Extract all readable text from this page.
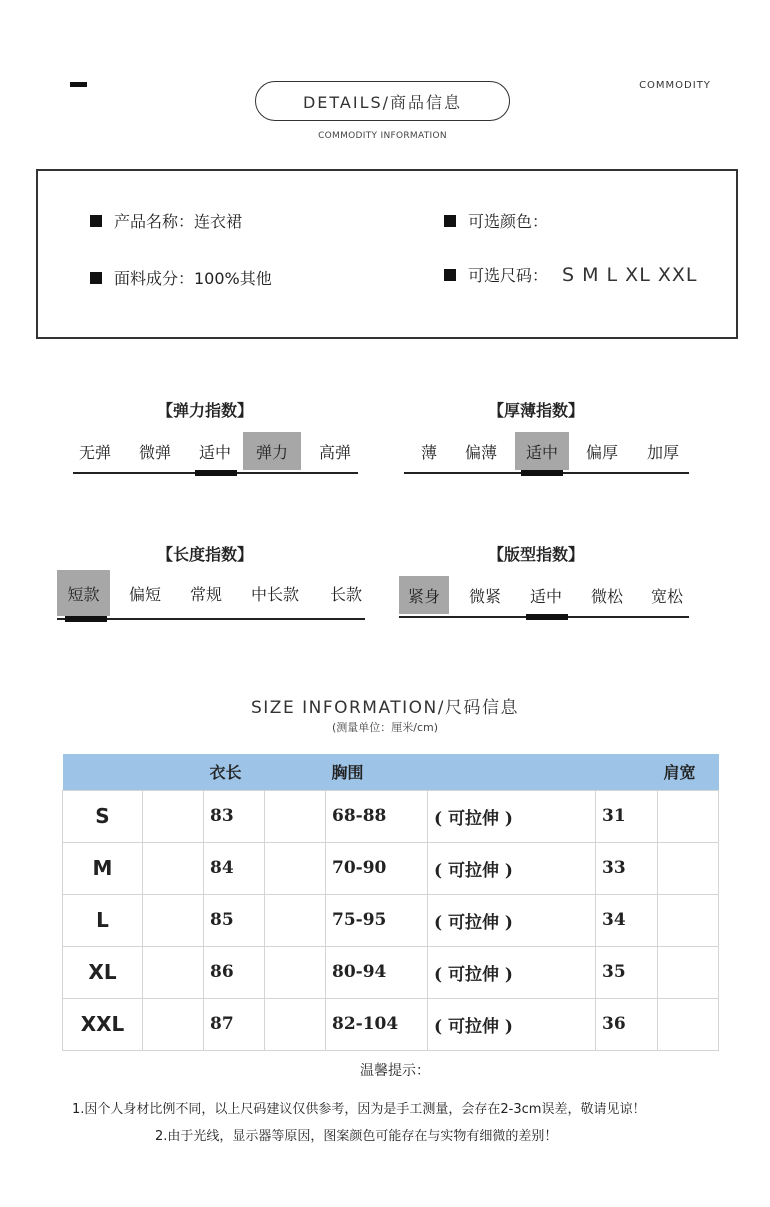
COMMODITY
DETAILS/商品信息
COMMODITY INFORMATION
产品名称：连衣裙	可选颜色：
面料成分：100%其他	可选尺码： S M L XL XXL
【弹力指数】
无弹	微弹	适中	弹力	高弹
【厚薄指数】
薄	偏薄	适中	偏厚	加厚
【长度指数】
短款	偏短	常规	中长款	长款
【版型指数】
紧身	微紧	适中	微松	宽松
SIZE INFORMATION/尺码信息
(测量单位：厘米/cm)
		衣长		胸围			肩宽
S		83		68-88	( 可拉伸 )	31	
M		84		70-90	( 可拉伸 )	33	
L		85		75-95	( 可拉伸 )	34	
XL		86		80-94	( 可拉伸 )	35	
XXL		87		82-104	( 可拉伸 )	36	
温馨提示：
1.因个人身材比例不同，以上尺码建议仅供参考，因为是手工测量，会存在2-3cm误差，敬请见谅！
2.由于光线，显示器等原因，图案颜色可能存在与实物有细微的差别！
